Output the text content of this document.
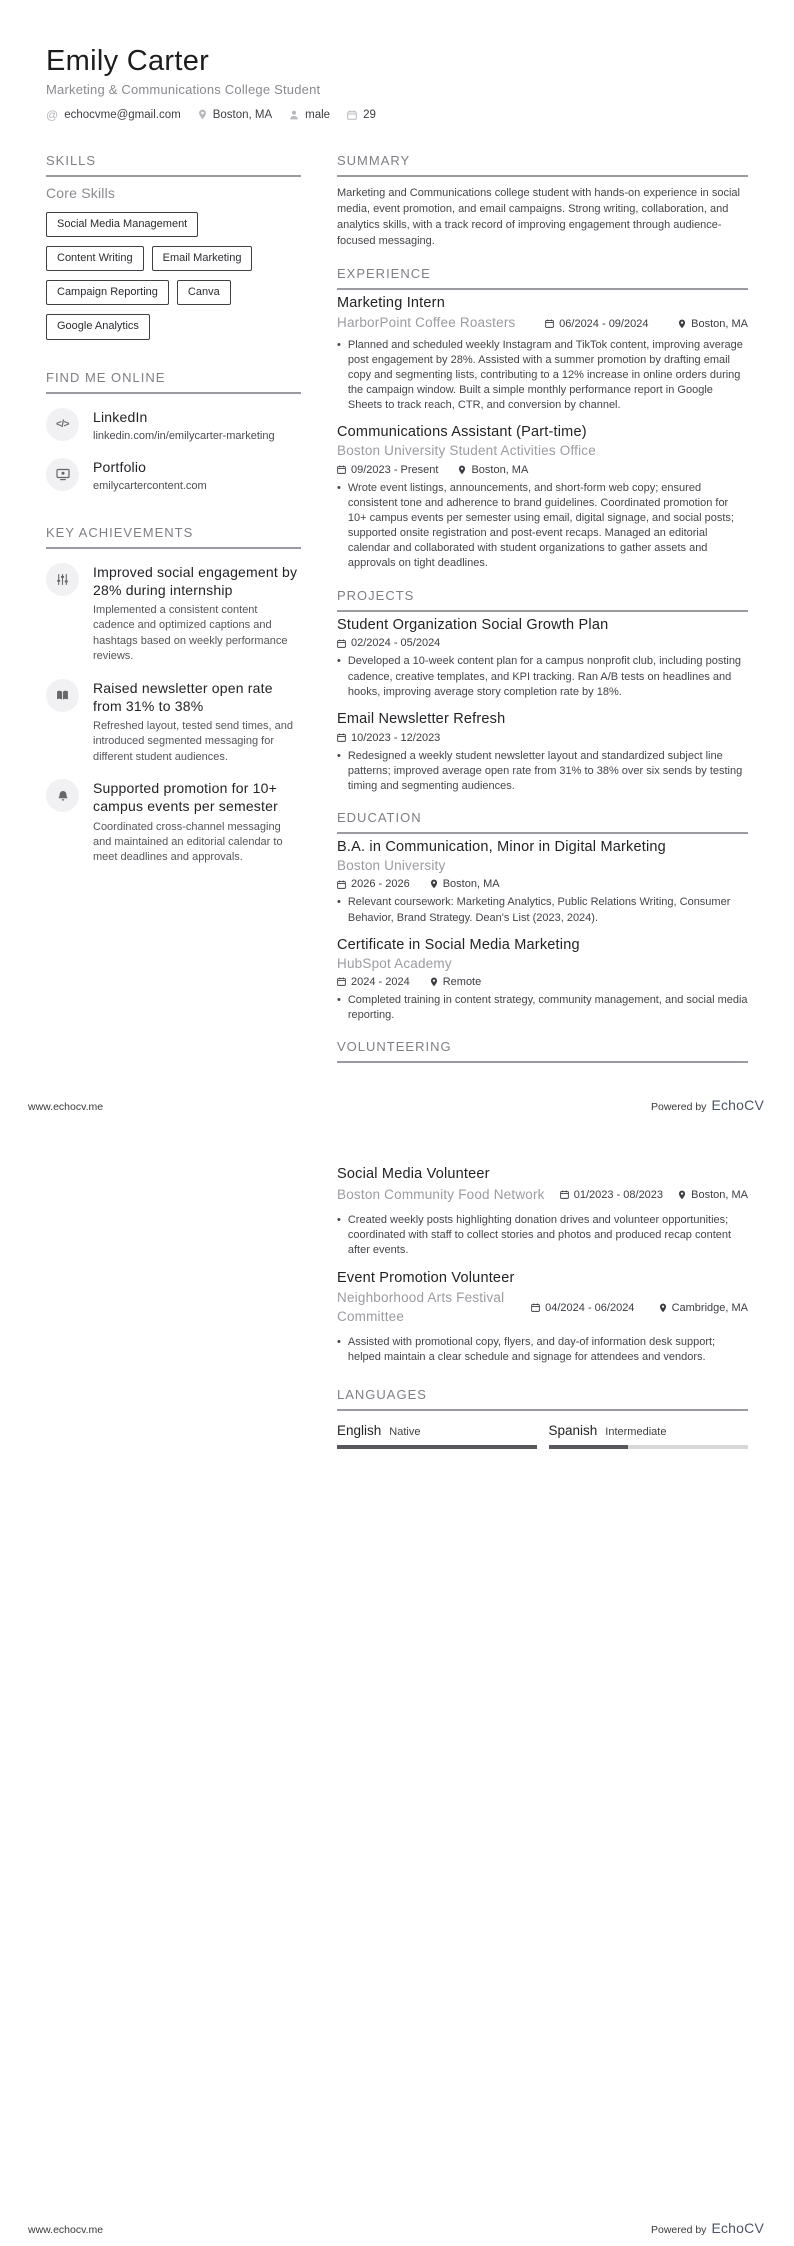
Emily Carter
Marketing & Communications College Student
@ echocvme@gmail.com	Boston, MA	male	29
SKILLS
Core Skills
Social Media Management
Content Writing	Email Marketing
Campaign Reporting	Canva
Google Analytics
FIND ME ONLINE
</> LinkedIn
linkedin.com/in/emilycarter-marketing
Portfolio
emilycartercontent.com
KEY ACHIEVEMENTS
Improved social engagement by 28% during internship
Implemented a consistent content cadence and optimized captions and hashtags based on weekly performance reviews.
Raised newsletter open rate from 31% to 38%
Refreshed layout, tested send times, and introduced segmented messaging for different student audiences.
Supported promotion for 10+ campus events per semester
Coordinated cross-channel messaging and maintained an editorial calendar to meet deadlines and approvals.
SUMMARY

Marketing and Communications college student with hands-on experience in social media, event promotion, and email campaigns. Strong writing, collaboration, and analytics skills, with a track record of improving engagement through audience-focused messaging.

EXPERIENCE
Marketing Intern
HarborPoint Coffee Roasters	06/2024 - 09/2024	Boston, MA
• Planned and scheduled weekly Instagram and TikTok content, improving average post engagement by 28%. Assisted with a summer promotion by drafting email copy and segmenting lists, contributing to a 12% increase in online orders during the campaign window. Built a simple monthly performance report in Google Sheets to track reach, CTR, and conversion by channel.
Communications Assistant (Part-time)
Boston University Student Activities Office
09/2023 - Present	Boston, MA
• Wrote event listings, announcements, and short-form web copy; ensured consistent tone and adherence to brand guidelines. Coordinated promotion for 10+ campus events per semester using email, digital signage, and social posts; supported onsite registration and post-event recaps. Managed an editorial calendar and collaborated with student organizations to gather assets and approvals on tight deadlines.
PROJECTS
Student Organization Social Growth Plan
02/2024 - 05/2024
• Developed a 10-week content plan for a campus nonprofit club, including posting cadence, creative templates, and KPI tracking. Ran A/B tests on headlines and hooks, improving average story completion rate by 18%.
Email Newsletter Refresh
10/2023 - 12/2023
• Redesigned a weekly student newsletter layout and standardized subject line patterns; improved average open rate from 31% to 38% over six sends by testing timing and segmenting audiences.
EDUCATION
B.A. in Communication, Minor in Digital Marketing
Boston University
2026 - 2026	Boston, MA
• Relevant coursework: Marketing Analytics, Public Relations Writing, Consumer Behavior, Brand Strategy. Dean's List (2023, 2024).
Certificate in Social Media Marketing
HubSpot Academy
2024 - 2024	Remote
• Completed training in content strategy, community management, and social media reporting.
VOLUNTEERING
www.echocv.me	Powered by EchoCV
Social Media Volunteer
Boston Community Food Network	01/2023 - 08/2023	Boston, MA
• Created weekly posts highlighting donation drives and volunteer opportunities; coordinated with staff to collect stories and photos and produced recap content after events.
Event Promotion Volunteer
Neighborhood Arts Festival Committee
04/2024 - 06/2024	Cambridge, MA
• Assisted with promotional copy, flyers, and day-of information desk support; helped maintain a clear schedule and signage for attendees and vendors.
LANGUAGES
English Native	Spanish Intermediate
www.echocv.me	Powered by EchoCV
